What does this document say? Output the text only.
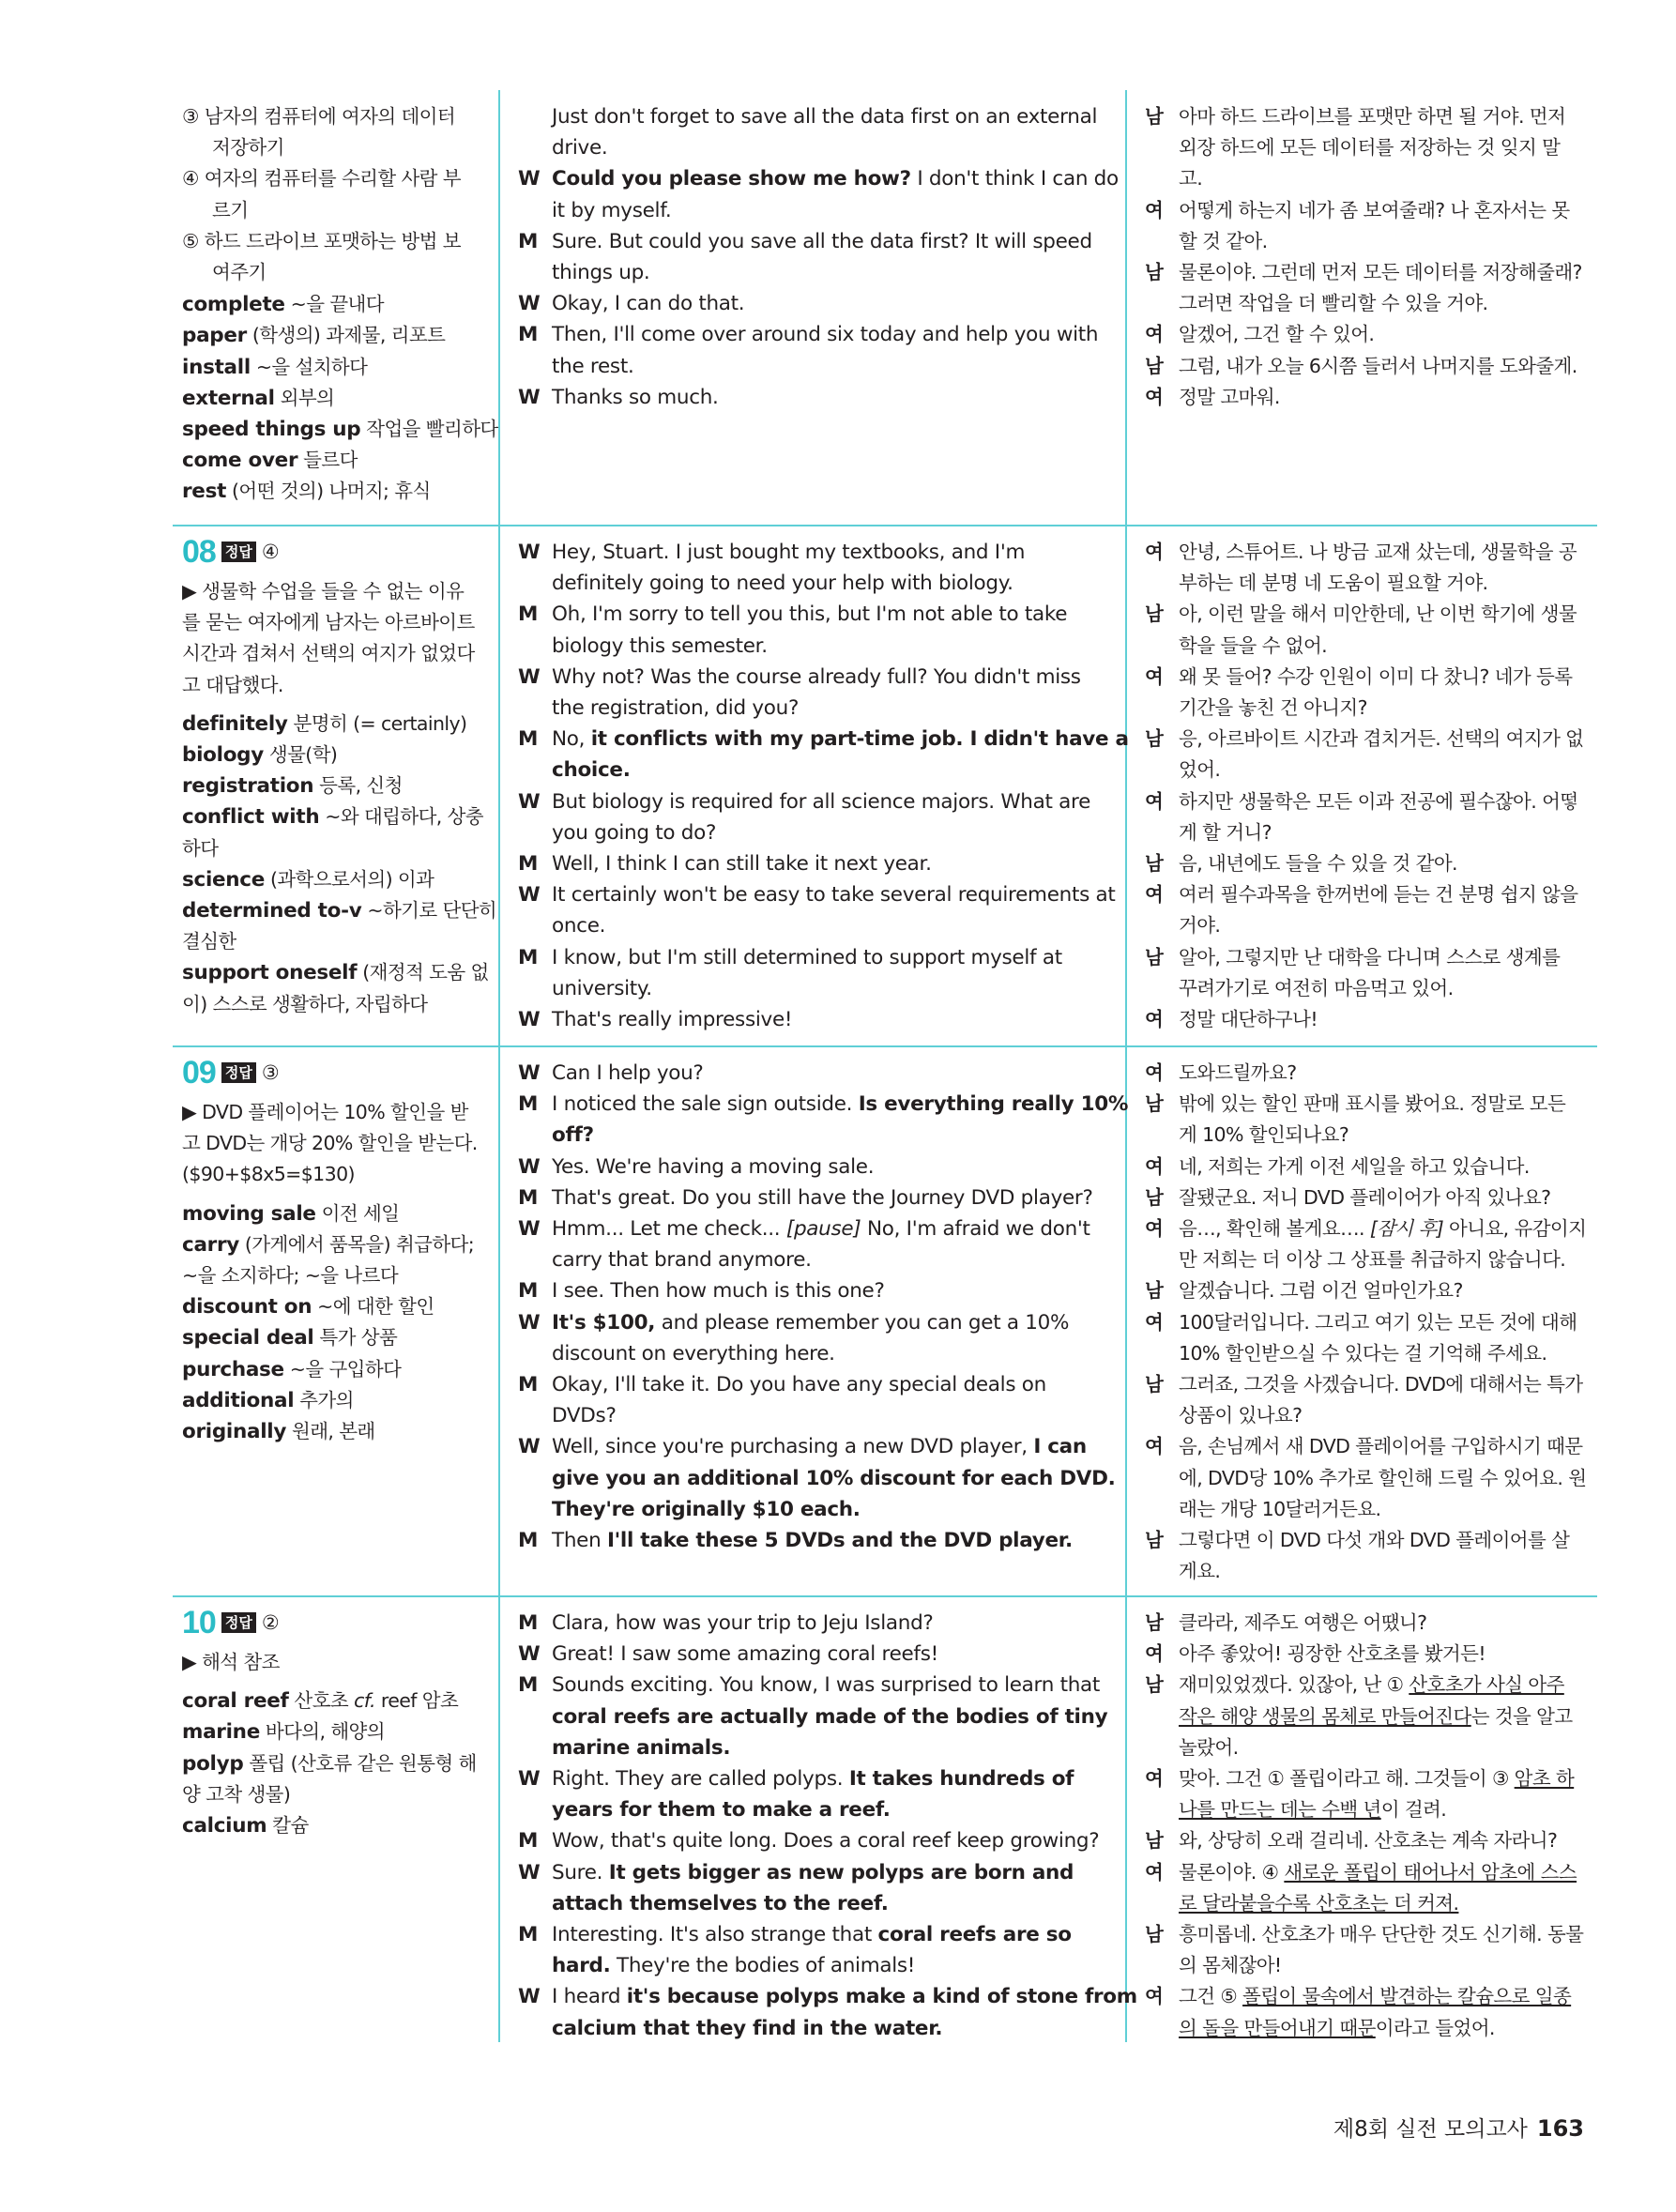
③ 남자의 컴퓨터에 여자의 데이터
저장하기
④ 여자의 컴퓨터를 수리할 사람 부
르기
⑤ 하드 드라이브 포맷하는 방법 보
여주기
complete ~을 끝내다
paper (학생의) 과제물, 리포트
install ~을 설치하다
external 외부의
speed things up 작업을 빨리하다
come over 들르다
rest (어떤 것의) 나머지; 휴식
Just don't forget to save all the data first on an external
drive.
W Could you please show me how? I don't think I can do
it by myself.
M Sure. But could you save all the data first? It will speed
things up.
W Okay, I can do that.
M Then, I'll come over around six today and help you with
the rest.
W Thanks so much.
남 아마 하드 드라이브를 포맷만 하면 될 거야. 먼저
외장 하드에 모든 데이터를 저장하는 것 잊지 말
고.
여 어떻게 하는지 네가 좀 보여줄래? 나 혼자서는 못
할 것 같아.
남 물론이야. 그런데 먼저 모든 데이터를 저장해줄래?
그러면 작업을 더 빨리할 수 있을 거야.
여 알겠어, 그건 할 수 있어.
남 그럼, 내가 오늘 6시쯤 들러서 나머지를 도와줄게.
여 정말 고마워.
08 정답 ④
▶ 생물학 수업을 들을 수 없는 이유
를 묻는 여자에게 남자는 아르바이트
시간과 겹쳐서 선택의 여지가 없었다
고 대답했다.
definitely 분명히 (= certainly)
biology 생물(학)
registration 등록, 신청
conflict with ~와 대립하다, 상충
하다
science (과학으로서의) 이과
determined to-v ~하기로 단단히
결심한
support oneself (재정적 도움 없
이) 스스로 생활하다, 자립하다
W Hey, Stuart. I just bought my textbooks, and I'm
definitely going to need your help with biology.
M Oh, I'm sorry to tell you this, but I'm not able to take
biology this semester.
W Why not? Was the course already full? You didn't miss
the registration, did you?
M No, it conflicts with my part-time job. I didn't have a
choice.
W But biology is required for all science majors. What are
you going to do?
M Well, I think I can still take it next year.
W It certainly won't be easy to take several requirements at
once.
M I know, but I'm still determined to support myself at
university.
W That's really impressive!
여 안녕, 스튜어트. 나 방금 교재 샀는데, 생물학을 공
부하는 데 분명 네 도움이 필요할 거야.
남 아, 이런 말을 해서 미안한데, 난 이번 학기에 생물
학을 들을 수 없어.
여 왜 못 들어? 수강 인원이 이미 다 찼니? 네가 등록
기간을 놓친 건 아니지?
남 응, 아르바이트 시간과 겹치거든. 선택의 여지가 없
었어.
여 하지만 생물학은 모든 이과 전공에 필수잖아. 어떻
게 할 거니?
남 음, 내년에도 들을 수 있을 것 같아.
여 여러 필수과목을 한꺼번에 듣는 건 분명 쉽지 않을
거야.
남 알아, 그렇지만 난 대학을 다니며 스스로 생계를
꾸려가기로 여전히 마음먹고 있어.
여 정말 대단하구나!
09 정답 ③
▶ DVD 플레이어는 10% 할인을 받
고 DVD는 개당 20% 할인을 받는다.
($90+$8x5=$130)
moving sale 이전 세일
carry (가게에서 품목을) 취급하다;
~을 소지하다; ~을 나르다
discount on ~에 대한 할인
special deal 특가 상품
purchase ~을 구입하다
additional 추가의
originally 원래, 본래
W Can I help you?
M I noticed the sale sign outside. Is everything really 10%
off?
W Yes. We're having a moving sale.
M That's great. Do you still have the Journey DVD player?
W Hmm... Let me check... [pause] No, I'm afraid we don't
carry that brand anymore.
M I see. Then how much is this one?
W It's $100, and please remember you can get a 10%
discount on everything here.
M Okay, I'll take it. Do you have any special deals on
DVDs?
W Well, since you're purchasing a new DVD player, I can
give you an additional 10% discount for each DVD.
They're originally $10 each.
M Then I'll take these 5 DVDs and the DVD player.
여 도와드릴까요?
남 밖에 있는 할인 판매 표시를 봤어요. 정말로 모든
게 10% 할인되나요?
여 네, 저희는 가게 이전 세일을 하고 있습니다.
남 잘됐군요. 저니 DVD 플레이어가 아직 있나요?
여 음…, 확인해 볼게요…. [잠시 후] 아니요, 유감이지
만 저희는 더 이상 그 상표를 취급하지 않습니다.
남 알겠습니다. 그럼 이건 얼마인가요?
여 100달러입니다. 그리고 여기 있는 모든 것에 대해
10% 할인받으실 수 있다는 걸 기억해 주세요.
남 그러죠, 그것을 사겠습니다. DVD에 대해서는 특가
상품이 있나요?
여 음, 손님께서 새 DVD 플레이어를 구입하시기 때문
에, DVD당 10% 추가로 할인해 드릴 수 있어요. 원
래는 개당 10달러거든요.
남 그렇다면 이 DVD 다섯 개와 DVD 플레이어를 살
게요.
10 정답 ②
▶ 해석 참조
coral reef 산호초 cf. reef 암초
marine 바다의, 해양의
polyp 폴립 (산호류 같은 원통형 해
양 고착 생물)
calcium 칼슘
M Clara, how was your trip to Jeju Island?
W Great! I saw some amazing coral reefs!
M Sounds exciting. You know, I was surprised to learn that
coral reefs are actually made of the bodies of tiny
marine animals.
W Right. They are called polyps. It takes hundreds of
years for them to make a reef.
M Wow, that's quite long. Does a coral reef keep growing?
W Sure. It gets bigger as new polyps are born and
attach themselves to the reef.
M Interesting. It's also strange that coral reefs are so
hard. They're the bodies of animals!
W I heard it's because polyps make a kind of stone from
calcium that they find in the water.
남 클라라, 제주도 여행은 어땠니?
여 아주 좋았어! 굉장한 산호초를 봤거든!
남 재미있었겠다. 있잖아, 난 ① 산호초가 사실 아주
작은 해양 생물의 몸체로 만들어진다는 것을 알고
놀랐어.
여 맞아. 그건 ① 폴립이라고 해. 그것들이 ③ 암초 하
나를 만드는 데는 수백 년이 걸려.
남 와, 상당히 오래 걸리네. 산호초는 계속 자라니?
여 물론이야. ④ 새로운 폴립이 태어나서 암초에 스스
로 달라붙을수록 산호초는 더 커져.
남 흥미롭네. 산호초가 매우 단단한 것도 신기해. 동물
의 몸체잖아!
여 그건 ⑤ 폴립이 물속에서 발견하는 칼슘으로 일종
의 돌을 만들어내기 때문이라고 들었어.
제8회 실전 모의고사 163
